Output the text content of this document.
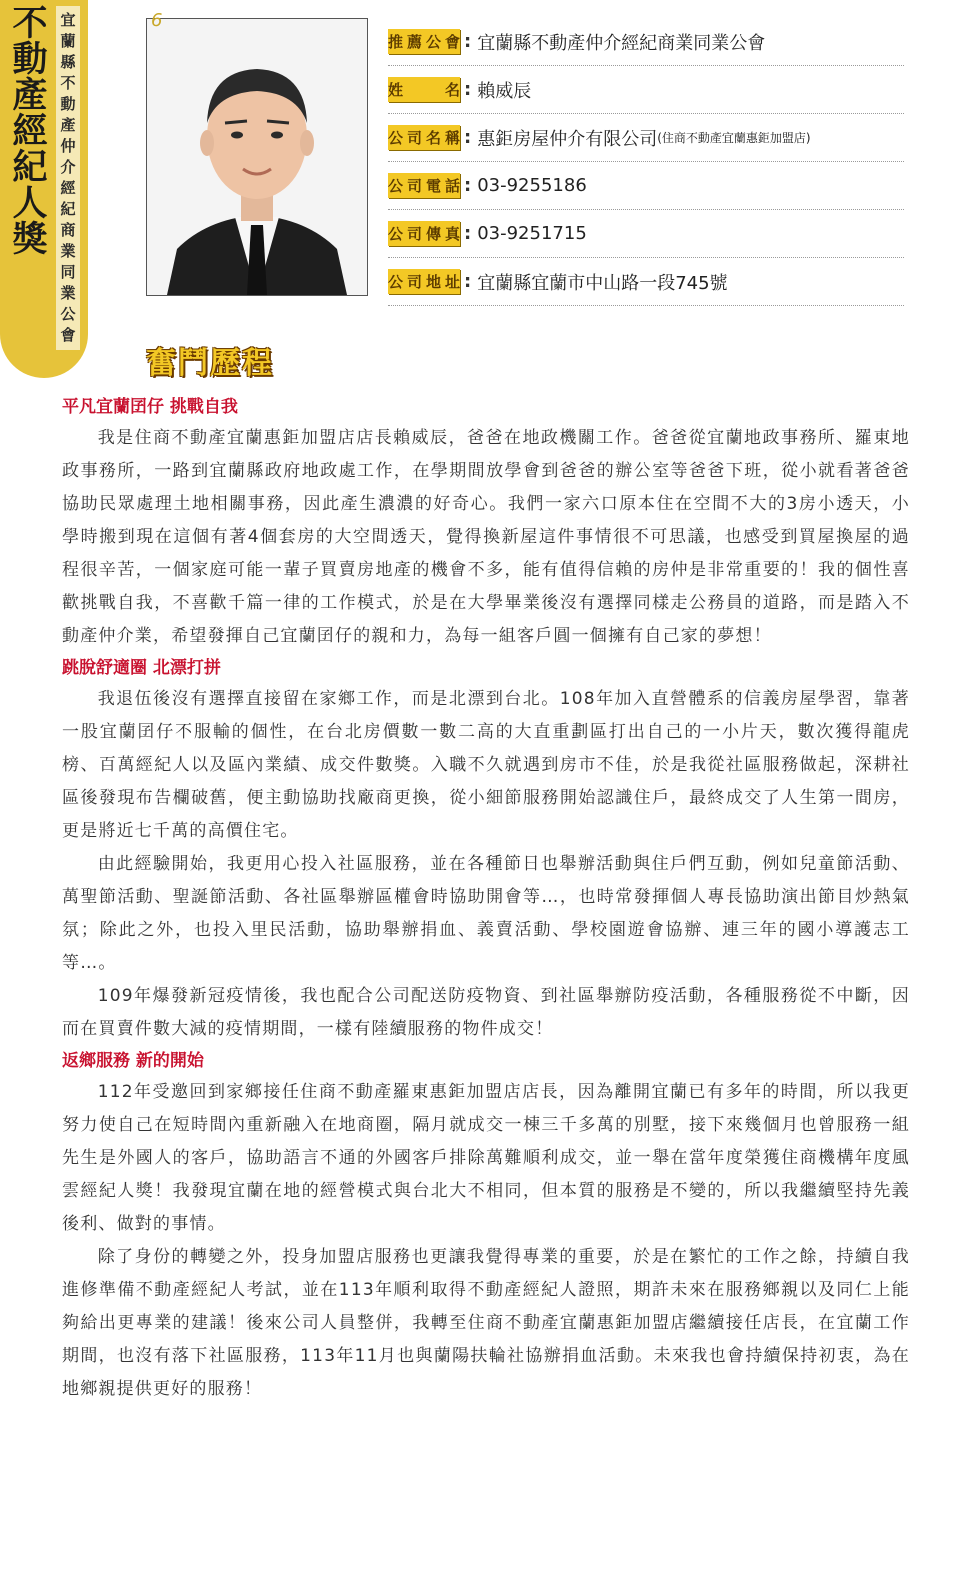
不動產經紀人獎
宜蘭縣不動產仲介經紀商業同業公會
6
推薦公會 : 宜蘭縣不動產仲介經紀商業同業公會
姓名 : 賴威辰
公司名稱 : 惠鉅房屋仲介有限公司 (住商不動產宜蘭惠鉅加盟店)
公司電話 : 03-9255186
公司傳真 : 03-9251715
公司地址 : 宜蘭縣宜蘭市中山路一段745號
奮鬥歷程
平凡宜蘭囝仔 挑戰自我

我是住商不動產宜蘭惠鉅加盟店店長賴威辰，爸爸在地政機關工作。爸爸從宜蘭地政事務所、羅東地政事務所，一路到宜蘭縣政府地政處工作，在學期間放學會到爸爸的辦公室等爸爸下班，從小就看著爸爸協助民眾處理土地相關事務，因此產生濃濃的好奇心。我們一家六口原本住在空間不大的3房小透天，小學時搬到現在這個有著4個套房的大空間透天，覺得換新屋這件事情很不可思議，也感受到買屋換屋的過程很辛苦，一個家庭可能一輩子買賣房地產的機會不多，能有值得信賴的房仲是非常重要的！我的個性喜歡挑戰自我，不喜歡千篇一律的工作模式，於是在大學畢業後沒有選擇同樣走公務員的道路，而是踏入不動產仲介業，希望發揮自己宜蘭囝仔的親和力，為每一組客戶圓一個擁有自己家的夢想！

跳脫舒適圈 北漂打拼

我退伍後沒有選擇直接留在家鄉工作，而是北漂到台北。108年加入直營體系的信義房屋學習，靠著一股宜蘭囝仔不服輸的個性，在台北房價數一數二高的大直重劃區打出自己的一小片天，數次獲得龍虎榜、百萬經紀人以及區內業績、成交件數獎。入職不久就遇到房市不佳，於是我從社區服務做起，深耕社區後發現布告欄破舊，便主動協助找廠商更換，從小細節服務開始認識住戶，最終成交了人生第一間房，更是將近七千萬的高價住宅。

由此經驗開始，我更用心投入社區服務，並在各種節日也舉辦活動與住戶們互動，例如兒童節活動、萬聖節活動、聖誕節活動、各社區舉辦區權會時協助開會等…，也時常發揮個人專長協助演出節目炒熱氣氛；除此之外，也投入里民活動，協助舉辦捐血、義賣活動、學校園遊會協辦、連三年的國小導護志工等…。

109年爆發新冠疫情後，我也配合公司配送防疫物資、到社區舉辦防疫活動，各種服務從不中斷，因而在買賣件數大減的疫情期間，一樣有陸續服務的物件成交！

返鄉服務 新的開始

112年受邀回到家鄉接任住商不動產羅東惠鉅加盟店店長，因為離開宜蘭已有多年的時間，所以我更努力使自己在短時間內重新融入在地商圈，隔月就成交一棟三千多萬的別墅，接下來幾個月也曾服務一組先生是外國人的客戶，協助語言不通的外國客戶排除萬難順利成交，並一舉在當年度榮獲住商機構年度風雲經紀人獎！我發現宜蘭在地的經營模式與台北大不相同，但本質的服務是不變的，所以我繼續堅持先義後利、做對的事情。

除了身份的轉變之外，投身加盟店服務也更讓我覺得專業的重要，於是在繁忙的工作之餘，持續自我進修準備不動產經紀人考試，並在113年順利取得不動產經紀人證照，期許未來在服務鄉親以及同仁上能夠給出更專業的建議！後來公司人員整併，我轉至住商不動產宜蘭惠鉅加盟店繼續接任店長，在宜蘭工作期間，也沒有落下社區服務，113年11月也與蘭陽扶輪社協辦捐血活動。未來我也會持續保持初衷，為在地鄉親提供更好的服務！
